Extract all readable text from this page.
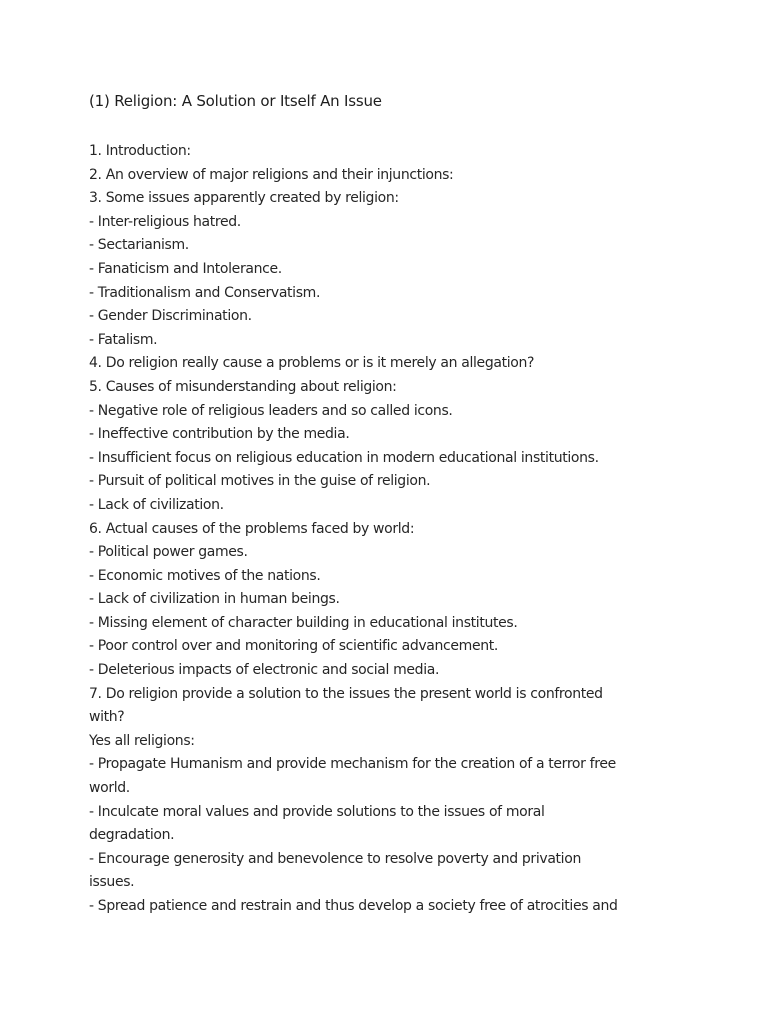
(1) Religion: A Solution or Itself An Issue

1. Introduction:

2. An overview of major religions and their injunctions:

3. Some issues apparently created by religion:

- Inter-religious hatred.

- Sectarianism.

- Fanaticism and Intolerance.

- Traditionalism and Conservatism.

- Gender Discrimination.

- Fatalism.

4. Do religion really cause a problems or is it merely an allegation?

5. Causes of misunderstanding about religion:

- Negative role of religious leaders and so called icons.

- Ineffective contribution by the media.

- Insufficient focus on religious education in modern educational institutions.

- Pursuit of political motives in the guise of religion.

- Lack of civilization.

6. Actual causes of the problems faced by world:

- Political power games.

- Economic motives of the nations.

- Lack of civilization in human beings.

- Missing element of character building in educational institutes.

- Poor control over and monitoring of scientific advancement.

- Deleterious impacts of electronic and social media.

7. Do religion provide a solution to the issues the present world is confronted

with?

Yes all religions:

- Propagate Humanism and provide mechanism for the creation of a terror free

world.

- Inculcate moral values and provide solutions to the issues of moral

degradation.

- Encourage generosity and benevolence to resolve poverty and privation

issues.

- Spread patience and restrain and thus develop a society free of atrocities and
